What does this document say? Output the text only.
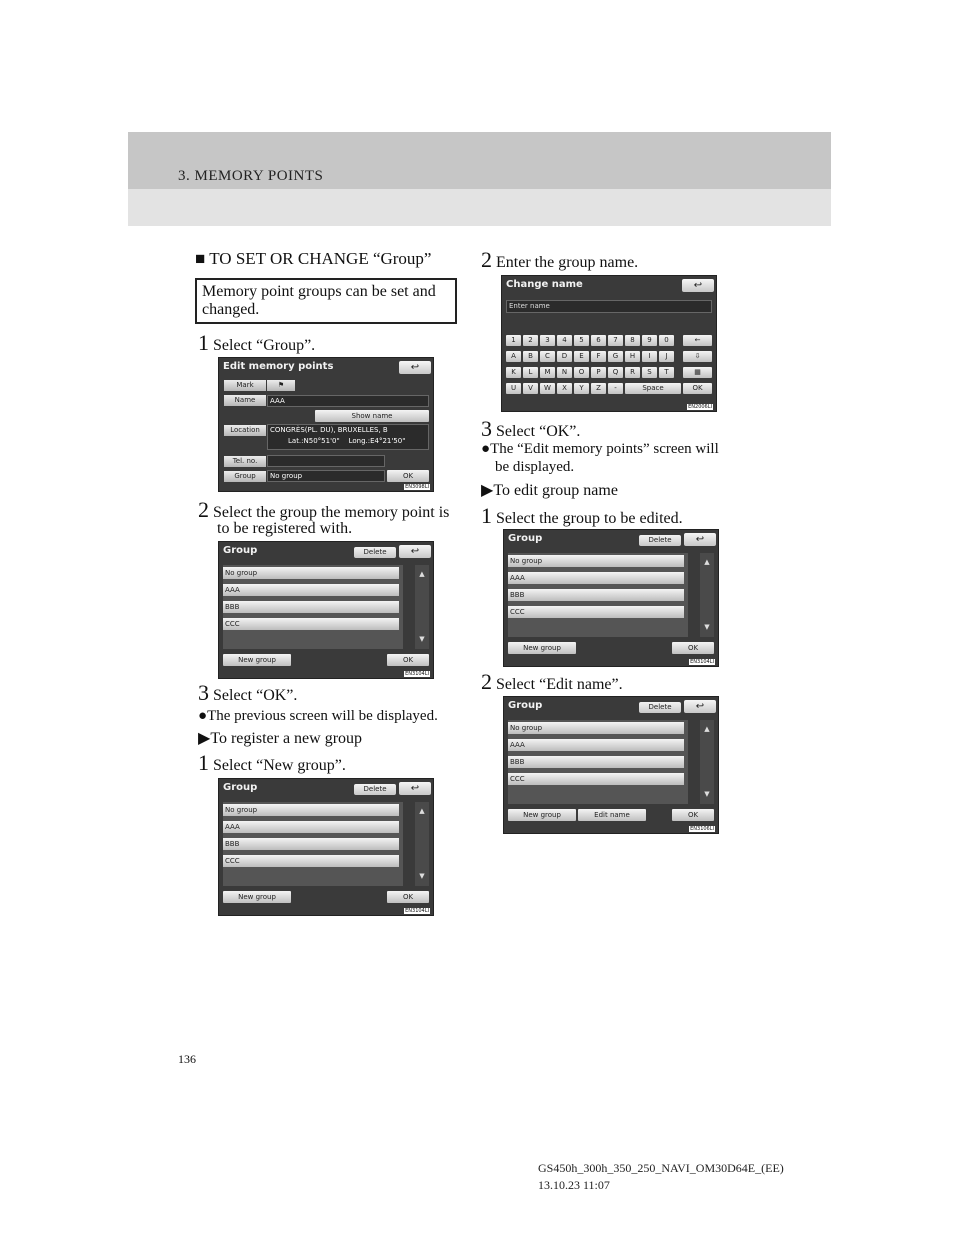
3. MEMORY POINTS
■ TO SET OR CHANGE “Group”
Memory point groups can be set and
changed.
1 Select “Group”.
Edit memory points	↩
Mark	⚑
Name	AAA
Show name
Location	CONGRÈS(PL. DU), BRUXELLES, B
Lat.:N50°51'0" Long.:E4°21'50"
Tel. no.
Group	No group	OK
EN3098LI
2 Select the group the memory point is
to be registered with.
Group	Delete	↩
No group
AAA
BBB
CCC
▲
▼
New group	OK
EN3104LI
3 Select “OK”.
●The previous screen will be displayed.
▶To register a new group
1 Select “New group”.
Group	Delete	↩
No group
AAA
BBB
CCC
▲
▼
New group	OK
EN3104LI
2 Enter the group name.
Change name	↩
Enter name
1	2	3	4	5	6	7	8	9	0	←
A	B	C	D	E	F	G	H	I	J	⇩
K	L	M	N	O	P	Q	R	S	T	▦
U	V	W	X	Y	Z	-	Space	OK
EN2006LI
3 Select “OK”.
●The “Edit memory points” screen will
be displayed.
▶To edit group name
1 Select the group to be edited.
Group	Delete	↩
No group
AAA
BBB
CCC
▲
▼
New group	OK
EN3104LI
2 Select “Edit name”.
Group	Delete	↩
No group
AAA
BBB
CCC
▲
▼
New group	Edit name	OK
EN3106LI
136
GS450h_300h_350_250_NAVI_OM30D64E_(EE)
13.10.23 11:07
